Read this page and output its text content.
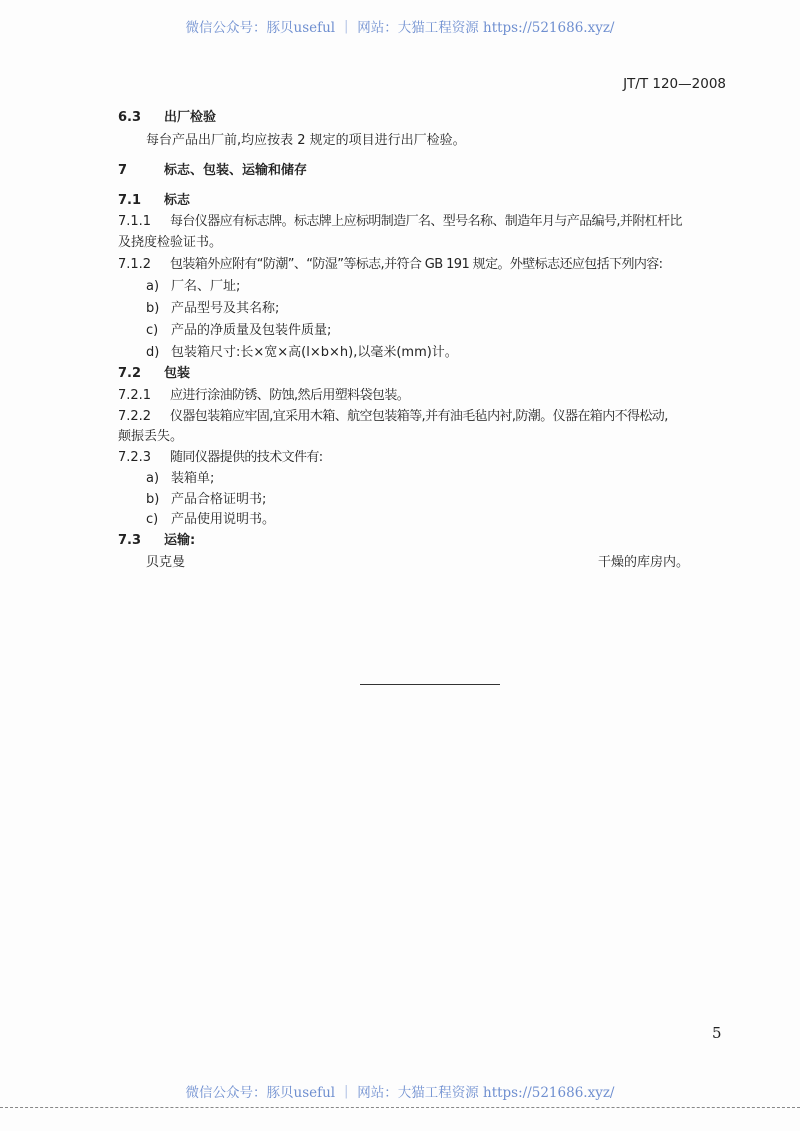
微信公众号：豚贝useful ｜ 网站：大猫工程资源 https://521686.xyz/
JT/T 120—2008
6.3 出厂检验
每台产品出厂前,均应按表 2 规定的项目进行出厂检验。
7	标志、包装、运输和储存
7.1 标志
7.1.1 每台仪器应有标志牌。标志牌上应标明制造厂名、型号名称、制造年月与产品编号,并附杠杆比
及挠度检验证书。
7.1.2 包装箱外应附有“防潮”、“防湿”等标志,并符合 GB 191 规定。外壁标志还应包括下列内容:
a) 厂名、厂址;
b) 产品型号及其名称;
c) 产品的净质量及包装件质量;
d) 包装箱尺寸:长×宽×高(l×b×h),以毫米(mm)计。
7.2 包装
7.2.1 应进行涂油防锈、防蚀,然后用塑料袋包装。
7.2.2 仪器包装箱应牢固,宜采用木箱、航空包装箱等,并有油毛毡内衬,防潮。仪器在箱内不得松动,
颠振丢失。
7.2.3 随同仪器提供的技术文件有:
a) 装箱单;
b) 产品合格证明书;
c) 产品使用说明书。
7.3 运输:
贝克曼	干燥的库房内。
5
微信公众号：豚贝useful ｜ 网站：大猫工程资源 https://521686.xyz/
